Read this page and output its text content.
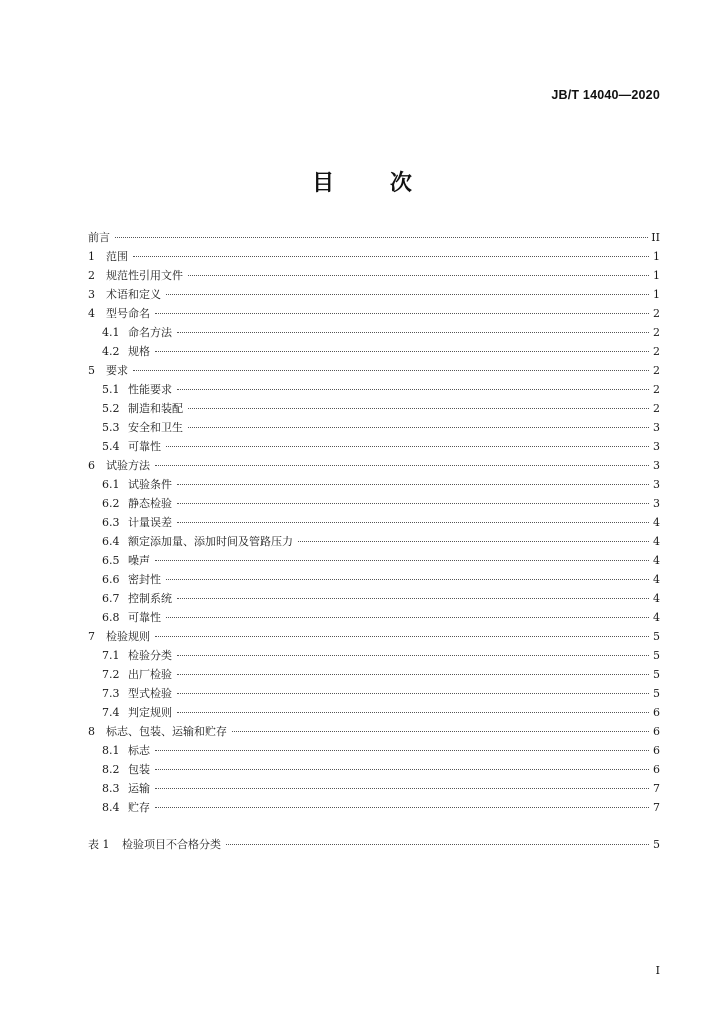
JB/T 14040—2020
目 次
前言	II
1	范围	1
2	规范性引用文件	1
3	术语和定义	1
4	型号命名	2
4.1 命名方法	2
4.2 规格	2
5	要求	2
5.1 性能要求	2
5.2 制造和装配	2
5.3 安全和卫生	3
5.4 可靠性	3
6	试验方法	3
6.1 试验条件	3
6.2 静态检验	3
6.3 计量误差	4
6.4 额定添加量、添加时间及管路压力	4
6.5 噪声	4
6.6 密封性	4
6.7 控制系统	4
6.8 可靠性	4
7	检验规则	5
7.1 检验分类	5
7.2 出厂检验	5
7.3 型式检验	5
7.4 判定规则	6
8	标志、包装、运输和贮存	6
8.1 标志	6
8.2 包装	6
8.3 运输	7
8.4 贮存	7
表 1	检验项目不合格分类	5
I
